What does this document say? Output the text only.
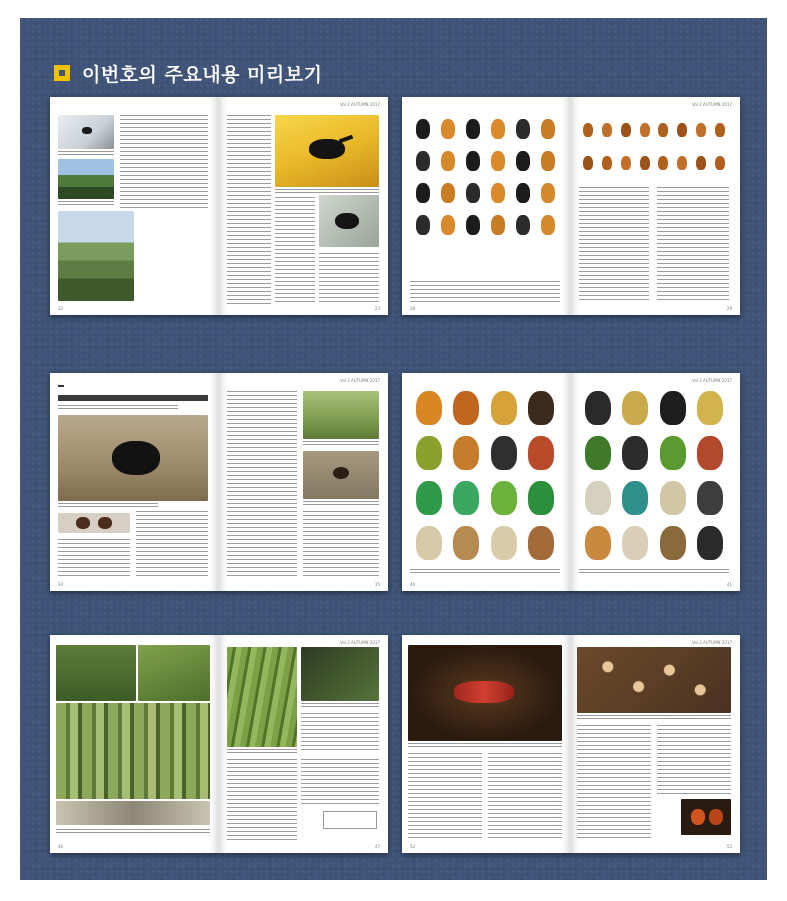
이번호의 주요내용 미리보기
22
Vol.2 AUTUMN 2017
23	28
Vol.2 AUTUMN 2017
29
34
Vol.2 AUTUMN 2017
35	40
Vol.2 AUTUMN 2017
41
46
Vol.2 AUTUMN 2017
47	52
Vol.2 AUTUMN 2017
53
